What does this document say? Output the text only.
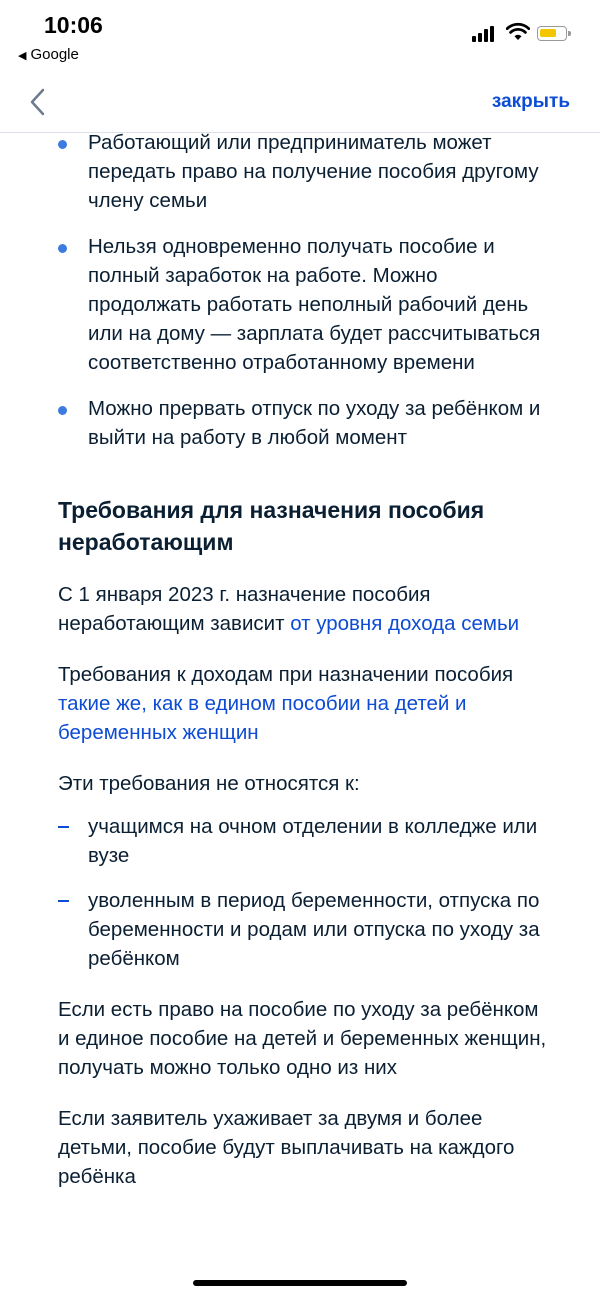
10:06
◀ Google
закрыть
Работающий или предприниматель может передать право на получение пособия другому члену семьи
Нельзя одновременно получать пособие и полный заработок на работе. Можно продолжать работать неполный рабочий день или на дому — зарплата будет рассчитываться соответственно отработанному времени
Можно прервать отпуск по уходу за ребёнком и выйти на работу в любой момент
Требования для назначения пособия неработающим

С 1 января 2023 г. назначение пособия неработающим зависит от уровня дохода семьи

Требования к доходам при назначении пособия такие же, как в едином пособии на детей и беременных женщин

Эти требования не относятся к:

учащимся на очном отделении в колледже или вузе
уволенным в период беременности, отпуска по беременности и родам или отпуска по уходу за ребёнком

Если есть право на пособие по уходу за ребёнком и единое пособие на детей и беременных женщин, получать можно только одно из них

Если заявитель ухаживает за двумя и более детьми, пособие будут выплачивать на каждого ребёнка
